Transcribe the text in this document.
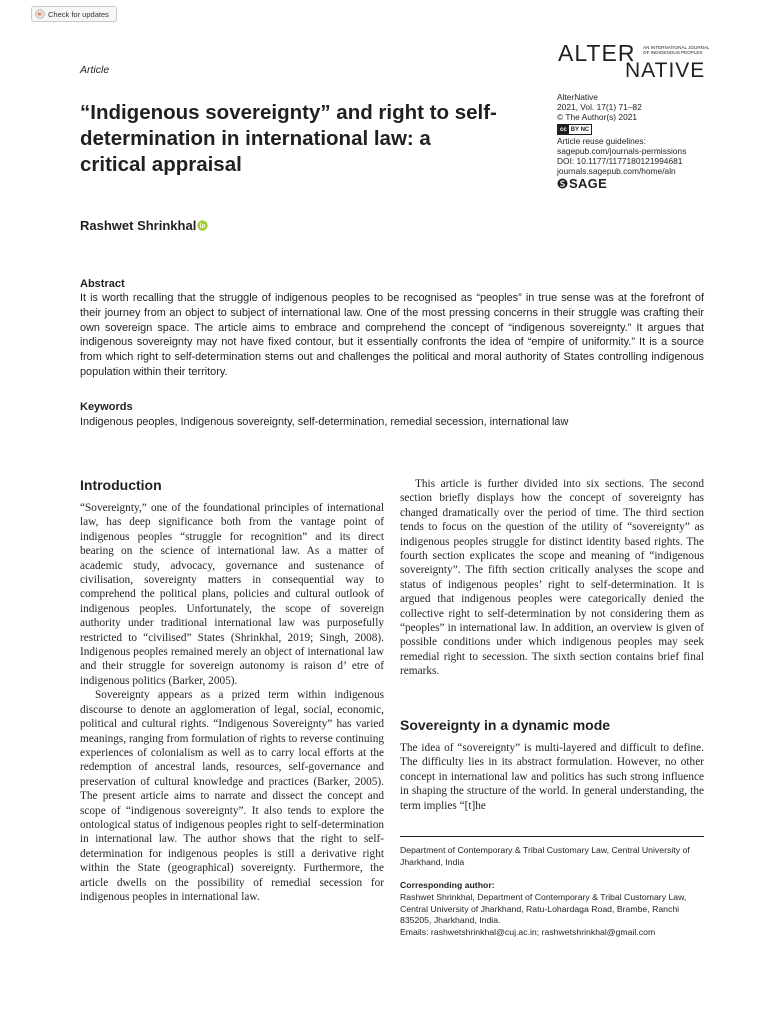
Check for updates
Article
ALTER AN INTERNATIONAL JOURNAL OF INDIGENOUS PEOPLES
NATIVE
“Indigenous sovereignty” and right to self-determination in international law: a critical appraisal
AlterNative
2021, Vol. 17(1) 71–82
© The Author(s) 2021
cc BY NC
Article reuse guidelines:
sagepub.com/journals-permissions
DOI: 10.1177/1177180121994681
journals.sagepub.com/home/aln
SAGE
Rashwet Shrinkhal
Abstract

It is worth recalling that the struggle of indigenous peoples to be recognised as “peoples” in true sense was at the forefront of their journey from an object to subject of international law. One of the most pressing concerns in their struggle was crafting their own sovereign space. The article aims to embrace and comprehend the concept of “indigenous sovereignty.” It argues that indigenous sovereignty may not have fixed contour, but it essentially confronts the idea of “empire of uniformity.” It is a source from which right to self-determination stems out and challenges the political and moral authority of States controlling indigenous population within their territory.

Keywords

Indigenous peoples, Indigenous sovereignty, self-determination, remedial secession, international law

Introduction

“Sovereignty,” one of the foundational principles of international law, has deep significance both from the vantage point of indigenous peoples “struggle for recognition” and its direct bearing on the science of international law. As a matter of academic study, advocacy, governance and sustenance of civilisation, sovereignty matters in consequential way to comprehend the political plans, policies and cultural outlook of indigenous peoples. Unfortunately, the scope of sovereign authority under traditional international law was purposefully restricted to “civilised” States (Shrinkhal, 2019; Singh, 2008). Indigenous peoples remained merely an object of international law and their struggle for sovereign autonomy is raison d’ etre of indigenous politics (Barker, 2005).

Sovereignty appears as a prized term within indigenous discourse to denote an agglomeration of legal, social, economic, political and cultural rights. “Indigenous Sovereignty” has varied meanings, ranging from formulation of rights to reverse continuing experiences of colonialism as well as to carry local efforts at the redemption of ancestral lands, resources, self-governance and preservation of cultural knowledge and practices (Barker, 2005). The present article aims to narrate and dissect the concept and scope of “indigenous sovereignty”. It also tends to explore the ontological status of indigenous peoples right to self-determination in international law. The author shows that the right to self-determination for indigenous peoples is still a derivative right within the State (geographical) sovereignty. Furthermore, the article dwells on the possibility of remedial secession for indigenous peoples in international law.

This article is further divided into six sections. The second section briefly displays how the concept of sovereignty has changed dramatically over the period of time. The third section tends to focus on the question of the utility of “sovereignty” as indigenous peoples struggle for distinct identity based rights. The fourth section explicates the scope and meaning of “indigenous sovereignty”. The fifth section critically analyses the scope and status of indigenous peoples’ right to self-determination. It is argued that indigenous peoples were categorically denied the collective right to self-determination by not considering them as “peoples” in international law. In addition, an overview is given of possible conditions under which indigenous peoples may seek remedial right to secession. The sixth section contains brief final remarks.

Sovereignty in a dynamic mode

The idea of “sovereignty” is multi-layered and difficult to define. The difficulty lies in its abstract formulation. However, no other concept in international law and politics has such strong influence in shaping the structure of the world. In general understanding, the term implies “[t]he

Department of Contemporary & Tribal Customary Law, Central University of Jharkhand, India
Corresponding author:
Rashwet Shrinkhal, Department of Contemporary & Tribal Customary Law, Central University of Jharkhand, Ratu-Lohardaga Road, Brambe, Ranchi 835205, Jharkhand, India.
Emails: rashwetshrinkhal@cuj.ac.in; rashwetshrinkhal@gmail.com
